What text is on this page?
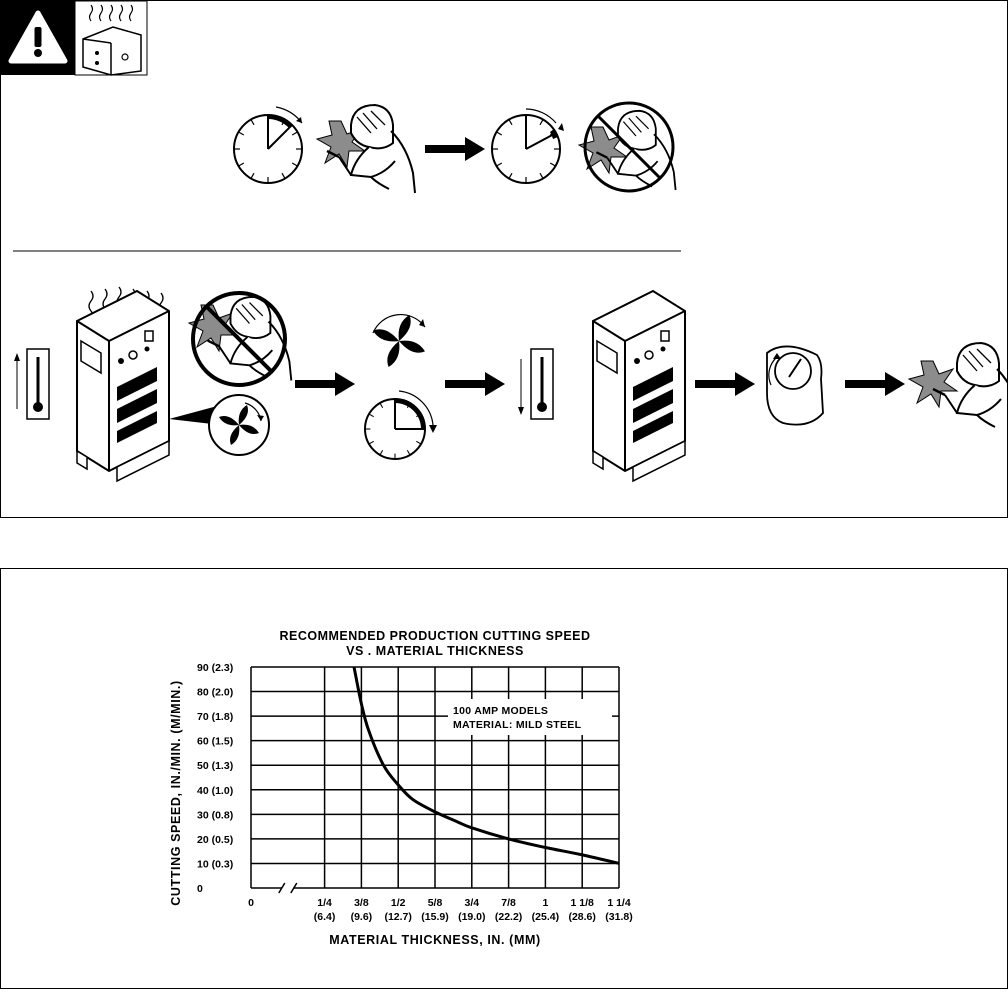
RECOMMENDED PRODUCTION CUTTING SPEED
VS . MATERIAL THICKNESS
CUTTING SPEED, IN./MIN. (M/MIN.)
MATERIAL THICKNESS, IN. (MM)
0
10 (0.3)
20 (0.5)
30 (0.8)
40 (1.0)
50 (1.3)
60 (1.5)
70 (1.8)
80 (2.0)
90 (2.3)
0	1/4
(6.4)
3/8
(9.6)
1/2
(12.7)
5/8
(15.9)
3/4
(19.0)
7/8
(22.2)
1
(25.4)
1 1/8
(28.6)
1 1/4
(31.8)
100 AMP MODELS
MATERIAL: MILD STEEL
